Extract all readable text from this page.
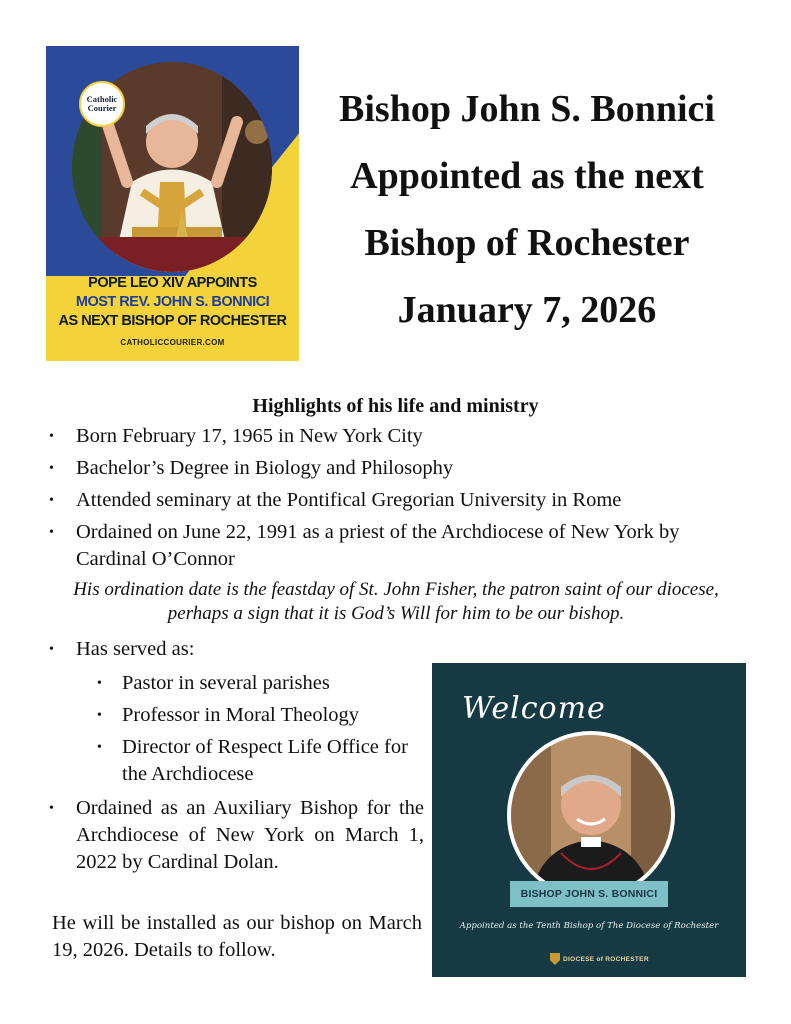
Catholic
Courier
POPE LEO XIV APPOINTS
MOST REV. JOHN S. BONNICI
AS NEXT BISHOP OF ROCHESTER
CATHOLICCOURIER.COM
Bishop John S. Bonnici
Appointed as the next
Bishop of Rochester
January 7, 2026
Highlights of his life and ministry
• Born February 17, 1965 in New York City
• Bachelor’s Degree in Biology and Philosophy
• Attended seminary at the Pontifical Gregorian University in Rome
• Ordained on June 22, 1991 as a priest of the Archdiocese of New York by Cardinal O’Connor
His ordination date is the feastday of St. John Fisher, the patron saint of our diocese, perhaps a sign that it is God’s Will for him to be our bishop.
• Has served as:
• Pastor in several parishes
• Professor in Moral Theology
• Director of Respect Life Office for the Archdiocese
• Ordained as an Auxiliary Bishop for the Archdiocese of New York on March 1, 2022 by Cardinal Dolan.
He will be installed as our bishop on March 19, 2026. Details to follow.
Welcome
BISHOP JOHN S. BONNICI
Appointed as the Tenth Bishop of The Diocese of Rochester
DIOCESE of ROCHESTER
